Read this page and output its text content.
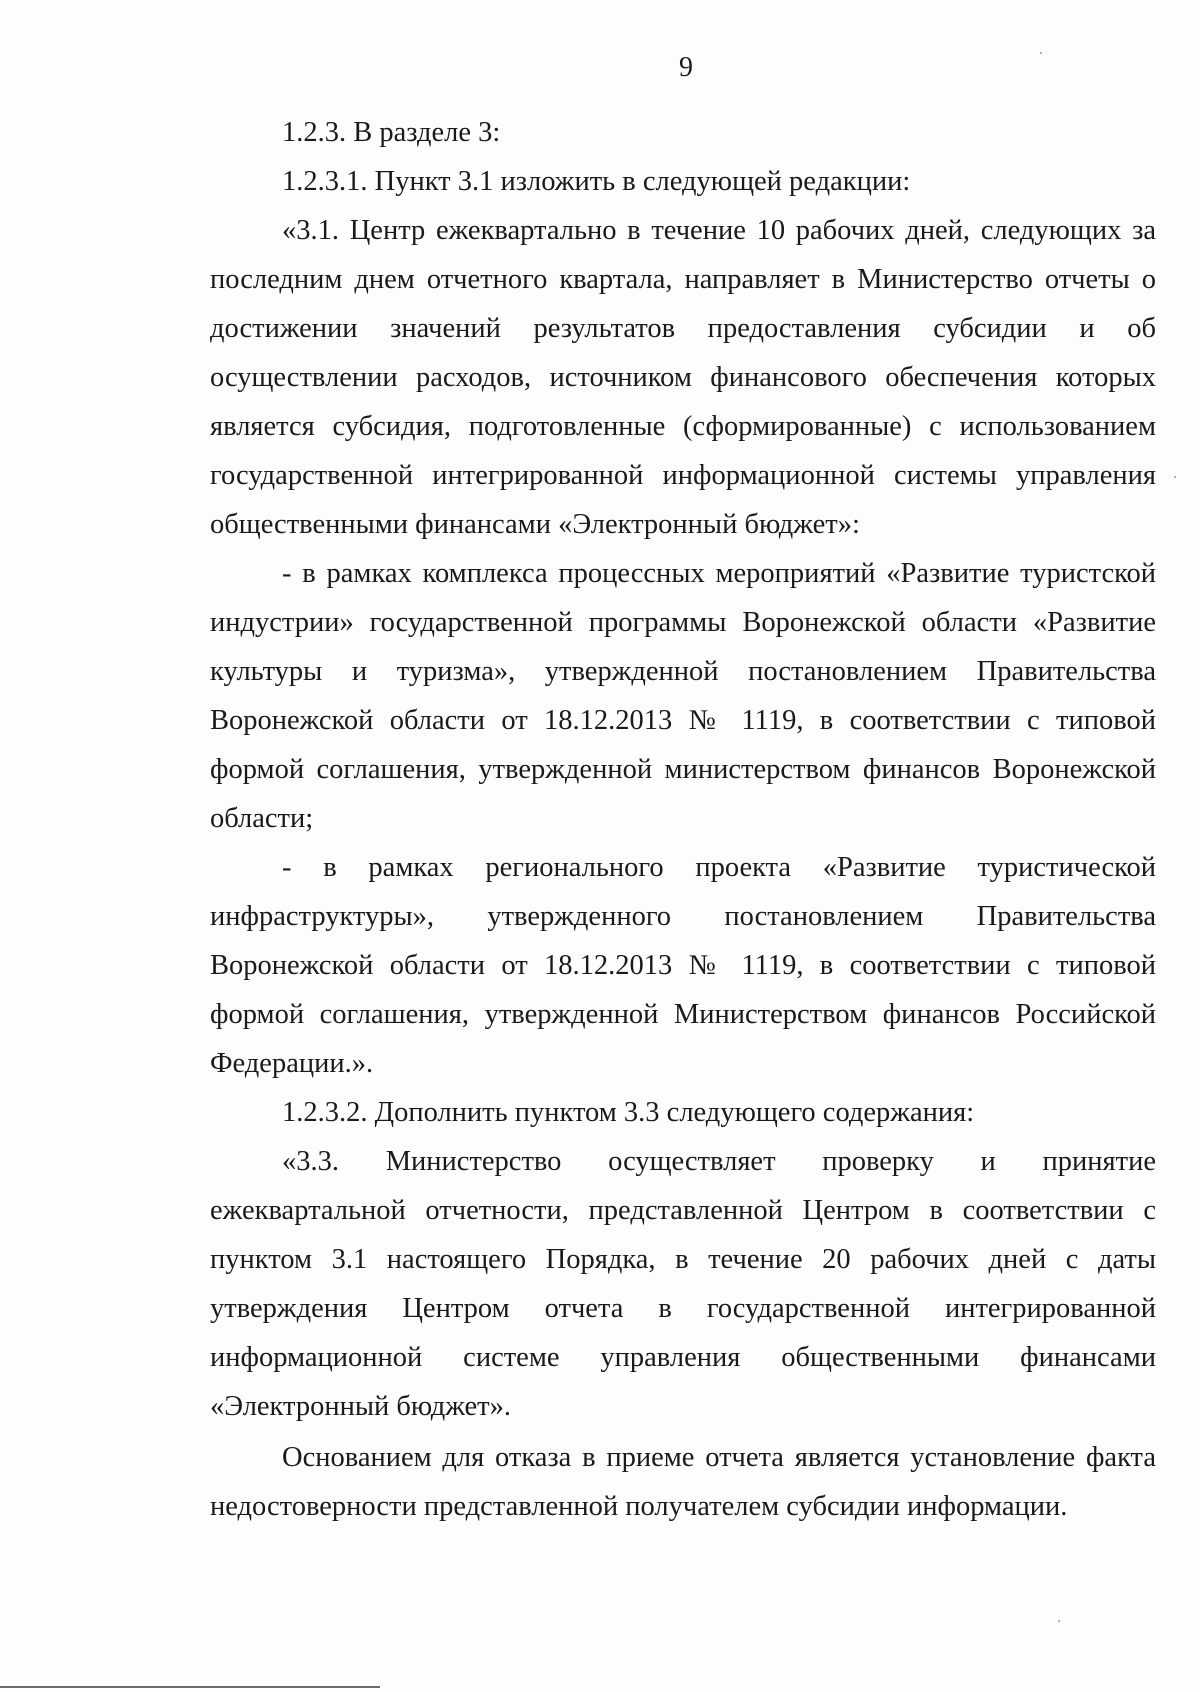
9

1.2.3. В разделе 3:

1.2.3.1. Пункт 3.1 изложить в следующей редакции:

«3.1. Центр ежеквартально в течение 10 рабочих дней, следующих за последним днем отчетного квартала, направляет в Министерство отчеты о достижении значений результатов предоставления субсидии и об осуществлении расходов, источником финансового обеспечения которых является субсидия, подготовленные (сформированные) с использованием государственной интегрированной информационной системы управления общественными финансами «Электронный бюджет»:

- в рамках комплекса процессных мероприятий «Развитие туристской индустрии» государственной программы Воронежской области «Развитие культуры и туризма», утвержденной постановлением Правительства Воронежской области от 18.12.2013 № 1119, в соответствии с типовой формой соглашения, утвержденной министерством финансов Воронежской области;

- в рамках регионального проекта «Развитие туристической инфраструктуры», утвержденного постановлением Правительства Воронежской области от 18.12.2013 № 1119, в соответствии с типовой формой соглашения, утвержденной Министерством финансов Российской Федерации.».

1.2.3.2. Дополнить пунктом 3.3 следующего содержания:

«3.3. Министерство осуществляет проверку и принятие ежеквартальной отчетности, представленной Центром в соответствии с пунктом 3.1 настоящего Порядка, в течение 20 рабочих дней с даты утверждения Центром отчета в государственной интегрированной информационной системе управления общественными финансами «Электронный бюджет».

Основанием для отказа в приеме отчета является установление факта недостоверности представленной получателем субсидии информации.
